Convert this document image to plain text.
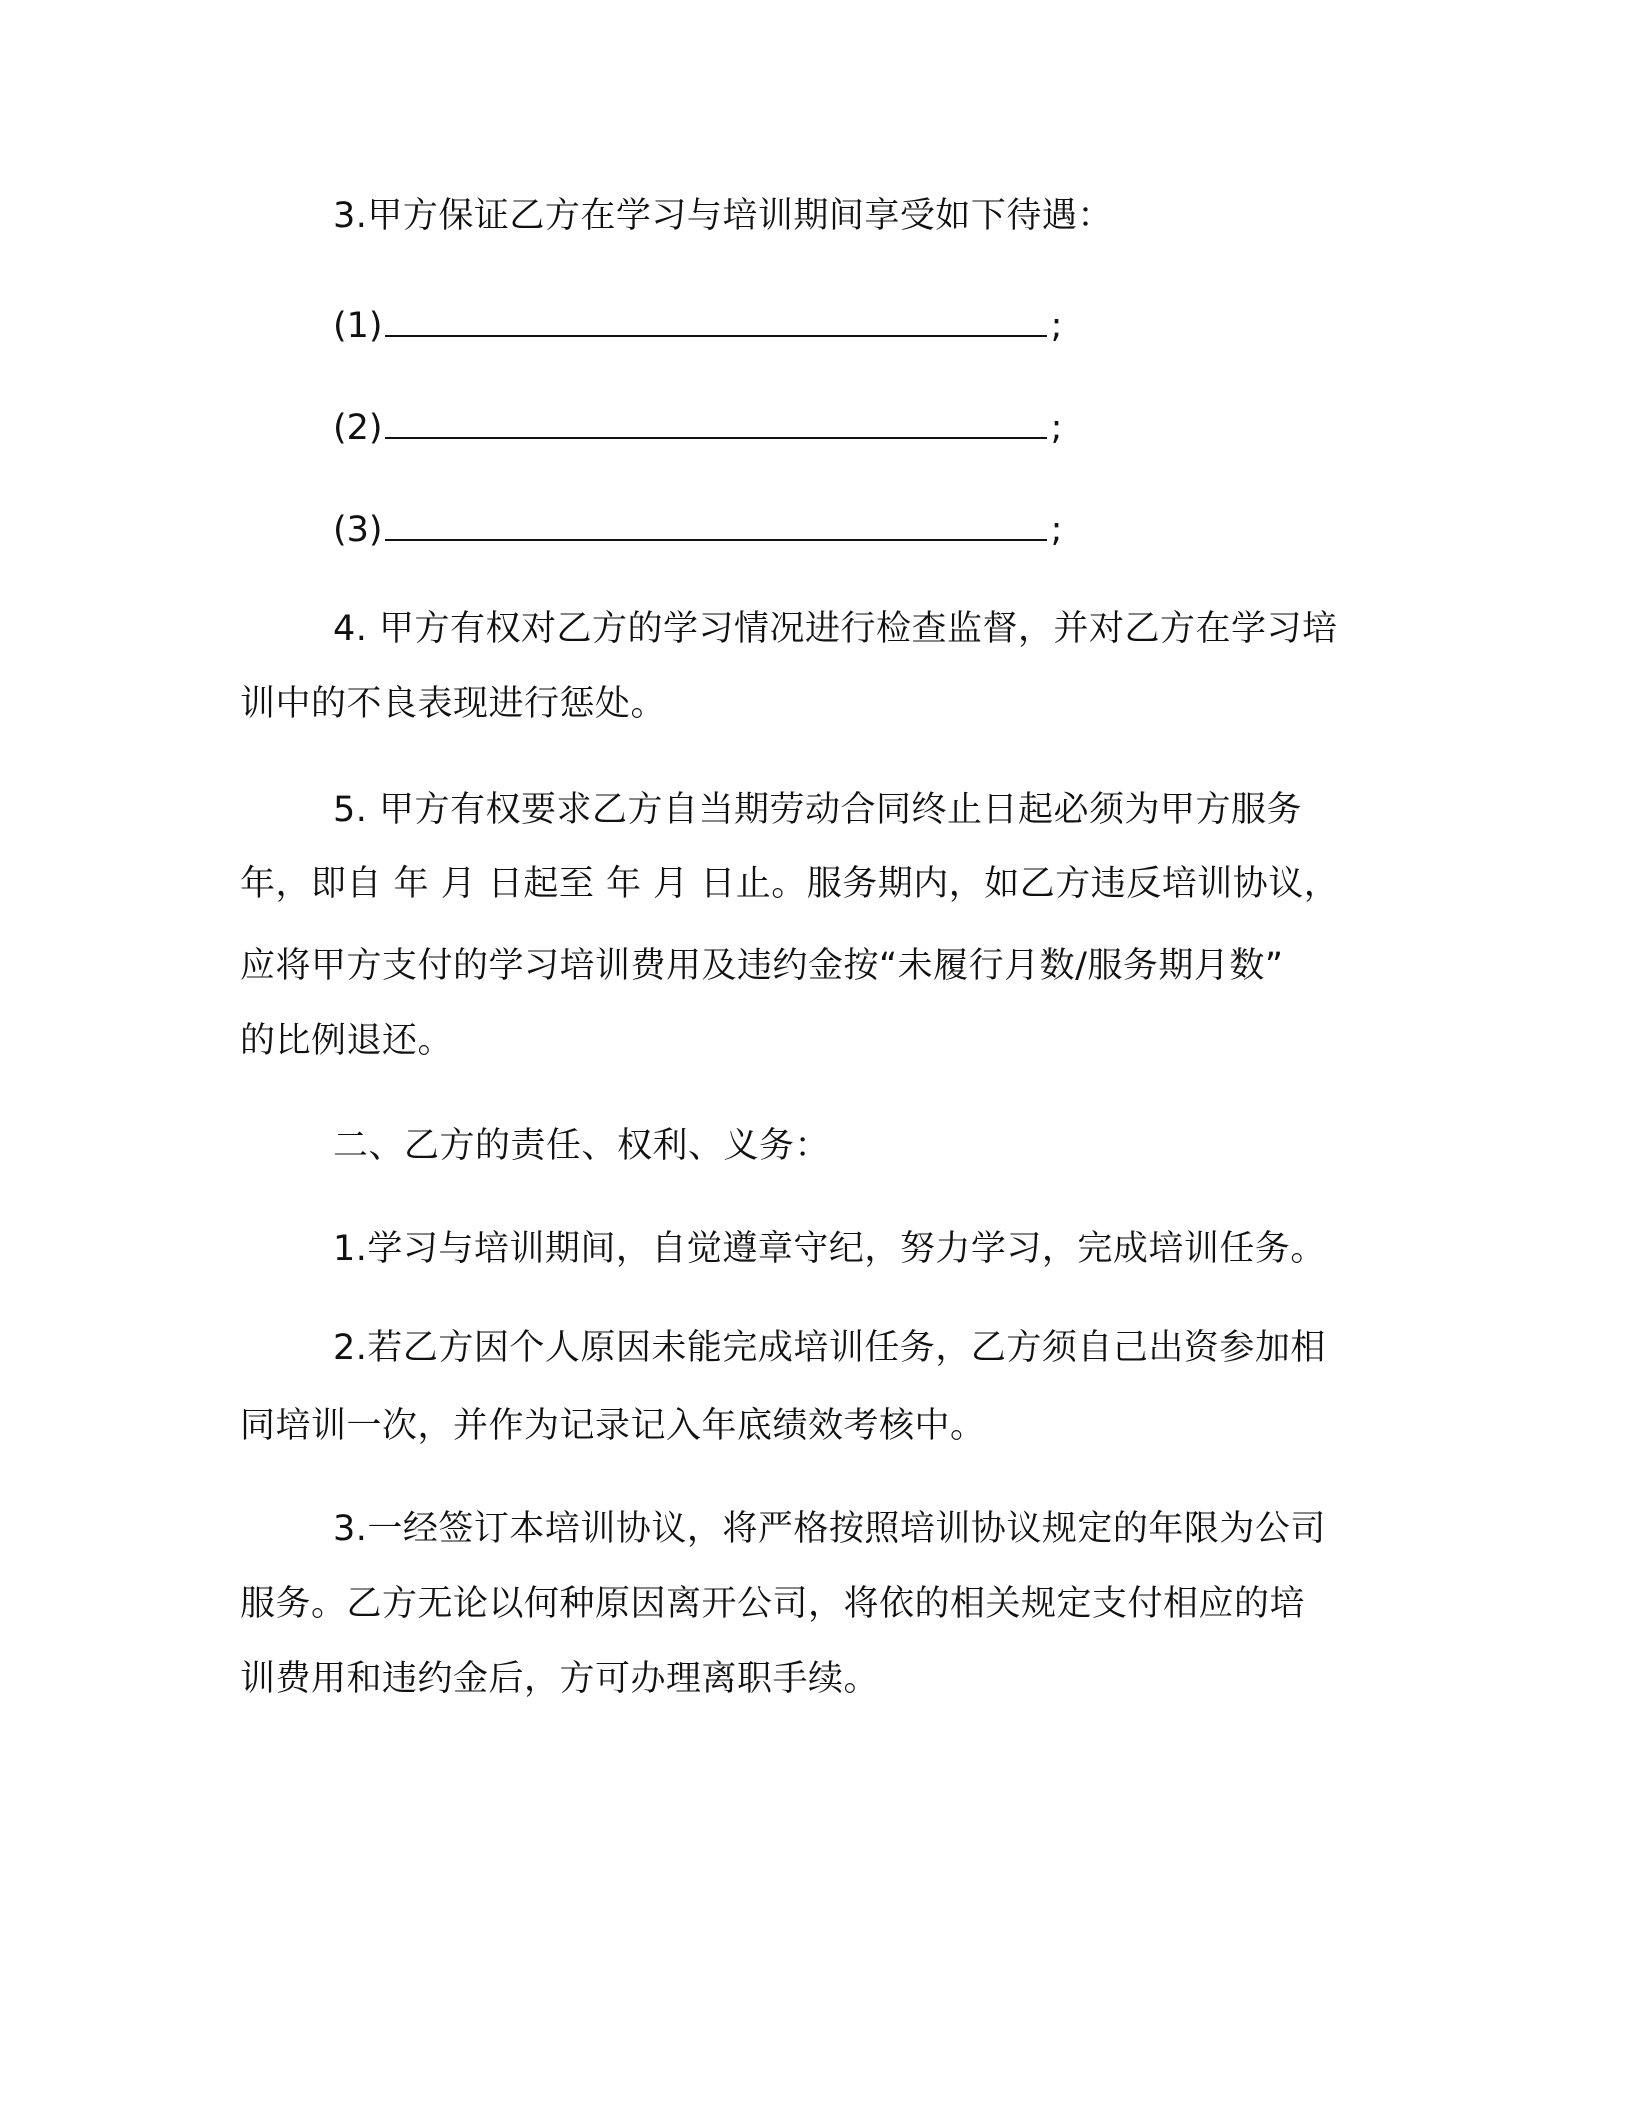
3.甲方保证乙方在学习与培训期间享受如下待遇：
(1)	;
(2)	;
(3)	;
4. 甲方有权对乙方的学习情况进行检查监督，并对乙方在学习培
训中的不良表现进行惩处。
5. 甲方有权要求乙方自当期劳动合同终止日起必须为甲方服务
年，即自 年 月 日起至 年 月 日止。服务期内，如乙方违反培训协议，
应将甲方支付的学习培训费用及违约金按“未履行月数/服务期月数”
的比例退还。
二、乙方的责任、权利、义务：
1.学习与培训期间，自觉遵章守纪，努力学习，完成培训任务。
2.若乙方因个人原因未能完成培训任务，乙方须自己出资参加相
同培训一次，并作为记录记入年底绩效考核中。
3.一经签订本培训协议，将严格按照培训协议规定的年限为公司
服务。乙方无论以何种原因离开公司，将依的相关规定支付相应的培
训费用和违约金后，方可办理离职手续。
